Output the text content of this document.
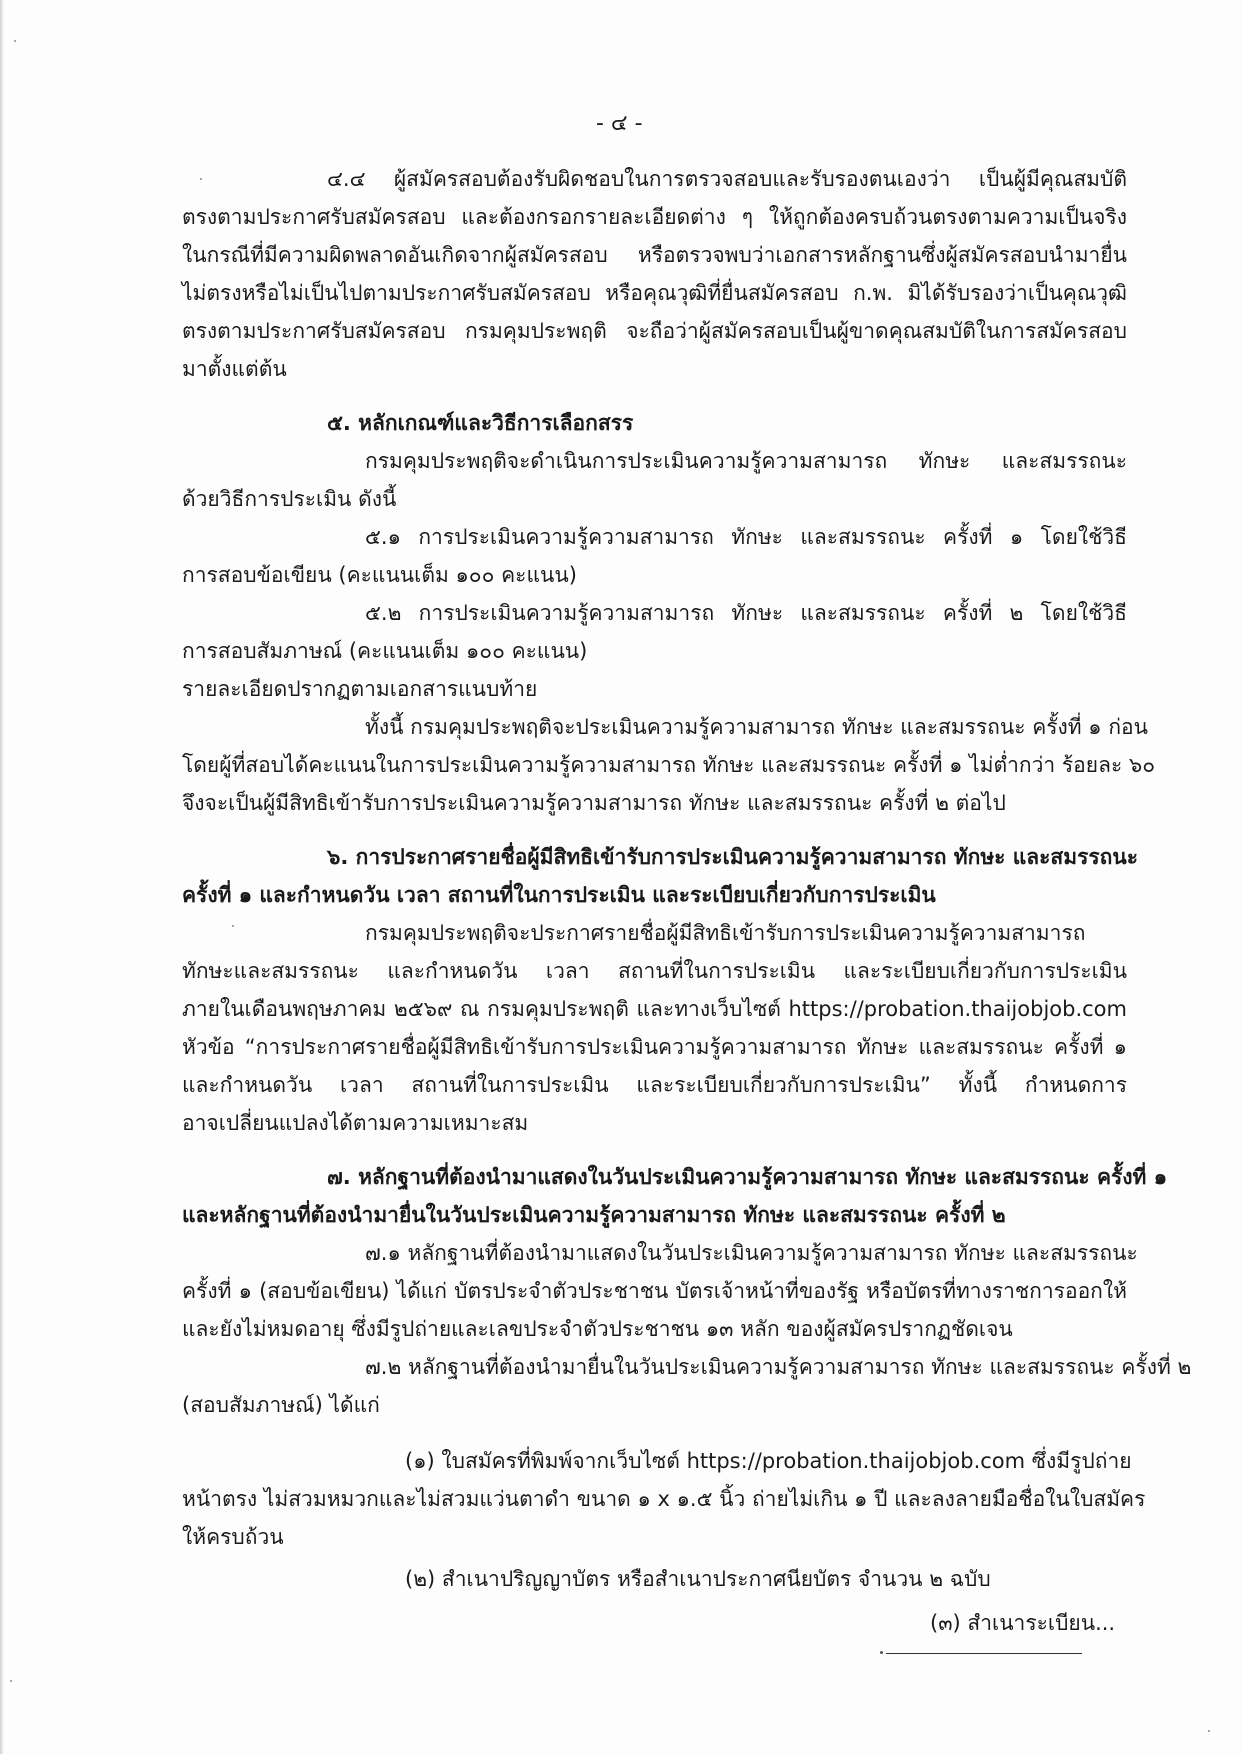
- ๔ -
๔.๔ ผู้สมัครสอบต้องรับผิดชอบในการตรวจสอบและรับรองตนเองว่า เป็นผู้มีคุณสมบัติ
ตรงตามประกาศรับสมัครสอบ และต้องกรอกรายละเอียดต่าง ๆ ให้ถูกต้องครบถ้วนตรงตามความเป็นจริง
ในกรณีที่มีความผิดพลาดอันเกิดจากผู้สมัครสอบ หรือตรวจพบว่าเอกสารหลักฐานซึ่งผู้สมัครสอบนำมายื่น
ไม่ตรงหรือไม่เป็นไปตามประกาศรับสมัครสอบ หรือคุณวุฒิที่ยื่นสมัครสอบ ก.พ. มิได้รับรองว่าเป็นคุณวุฒิ
ตรงตามประกาศรับสมัครสอบ กรมคุมประพฤติ จะถือว่าผู้สมัครสอบเป็นผู้ขาดคุณสมบัติในการสมัครสอบ
มาตั้งแต่ต้น
๕. หลักเกณฑ์และวิธีการเลือกสรร
กรมคุมประพฤติจะดำเนินการประเมินความรู้ความสามารถ ทักษะ และสมรรถนะ
ด้วยวิธีการประเมิน ดังนี้
๕.๑ การประเมินความรู้ความสามารถ ทักษะ และสมรรถนะ ครั้งที่ ๑ โดยใช้วิธี
การสอบข้อเขียน (คะแนนเต็ม ๑๐๐ คะแนน)
๕.๒ การประเมินความรู้ความสามารถ ทักษะ และสมรรถนะ ครั้งที่ ๒ โดยใช้วิธี
การสอบสัมภาษณ์ (คะแนนเต็ม ๑๐๐ คะแนน)
รายละเอียดปรากฏตามเอกสารแนบท้าย
ทั้งนี้ กรมคุมประพฤติจะประเมินความรู้ความสามารถ ทักษะ และสมรรถนะ ครั้งที่ ๑ ก่อน
โดยผู้ที่สอบได้คะแนนในการประเมินความรู้ความสามารถ ทักษะ และสมรรถนะ ครั้งที่ ๑ ไม่ต่ำกว่า ร้อยละ ๖๐
จึงจะเป็นผู้มีสิทธิเข้ารับการประเมินความรู้ความสามารถ ทักษะ และสมรรถนะ ครั้งที่ ๒ ต่อไป
๖. การประกาศรายชื่อผู้มีสิทธิเข้ารับการประเมินความรู้ความสามารถ ทักษะ และสมรรถนะ
ครั้งที่ ๑ และกำหนดวัน เวลา สถานที่ในการประเมิน และระเบียบเกี่ยวกับการประเมิน
กรมคุมประพฤติจะประกาศรายชื่อผู้มีสิทธิเข้ารับการประเมินความรู้ความสามารถ
ทักษะและสมรรถนะ และกำหนดวัน เวลา สถานที่ในการประเมิน และระเบียบเกี่ยวกับการประเมิน
ภายในเดือนพฤษภาคม ๒๕๖๙ ณ กรมคุมประพฤติ และทางเว็บไซต์ https://probation.thaijobjob.com
หัวข้อ “การประกาศรายชื่อผู้มีสิทธิเข้ารับการประเมินความรู้ความสามารถ ทักษะ และสมรรถนะ ครั้งที่ ๑
และกำหนดวัน เวลา สถานที่ในการประเมิน และระเบียบเกี่ยวกับการประเมิน” ทั้งนี้ กำหนดการ
อาจเปลี่ยนแปลงได้ตามความเหมาะสม
๗. หลักฐานที่ต้องนำมาแสดงในวันประเมินความรู้ความสามารถ ทักษะ และสมรรถนะ ครั้งที่ ๑
และหลักฐานที่ต้องนำมายื่นในวันประเมินความรู้ความสามารถ ทักษะ และสมรรถนะ ครั้งที่ ๒
๗.๑ หลักฐานที่ต้องนำมาแสดงในวันประเมินความรู้ความสามารถ ทักษะ และสมรรถนะ
ครั้งที่ ๑ (สอบข้อเขียน) ได้แก่ บัตรประจำตัวประชาชน บัตรเจ้าหน้าที่ของรัฐ หรือบัตรที่ทางราชการออกให้
และยังไม่หมดอายุ ซึ่งมีรูปถ่ายและเลขประจำตัวประชาชน ๑๓ หลัก ของผู้สมัครปรากฏชัดเจน
๗.๒ หลักฐานที่ต้องนำมายื่นในวันประเมินความรู้ความสามารถ ทักษะ และสมรรถนะ ครั้งที่ ๒
(สอบสัมภาษณ์) ได้แก่
(๑) ใบสมัครที่พิมพ์จากเว็บไซต์ https://probation.thaijobjob.com ซึ่งมีรูปถ่าย
หน้าตรง ไม่สวมหมวกและไม่สวมแว่นตาดำ ขนาด ๑ x ๑.๕ นิ้ว ถ่ายไม่เกิน ๑ ปี และลงลายมือชื่อในใบสมัคร
ให้ครบถ้วน
(๒) สำเนาปริญญาบัตร หรือสำเนาประกาศนียบัตร จำนวน ๒ ฉบับ
(๓) สำเนาระเบียน...
